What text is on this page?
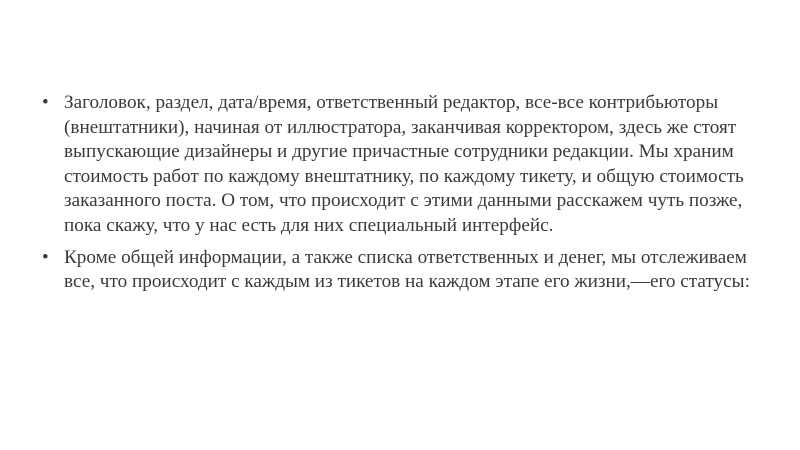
• Заголовок, раздел, дата/время, ответственный редактор, все-все контрибьюторы (внештатники), начиная от иллюстратора, заканчивая корректором, здесь же стоят выпускающие дизайнеры и другие причастные сотрудники редакции. Мы храним стоимость работ по каждому внештатнику, по каждому тикету, и общую стоимость заказанного поста. О том, что происходит с этими данными расскажем чуть позже, пока скажу, что у нас есть для них специальный интерфейс.
• Кроме общей информации, а также списка ответственных и денег, мы отслеживаем все, что происходит с каждым из тикетов на каждом этапе его жизни,—его статусы:
